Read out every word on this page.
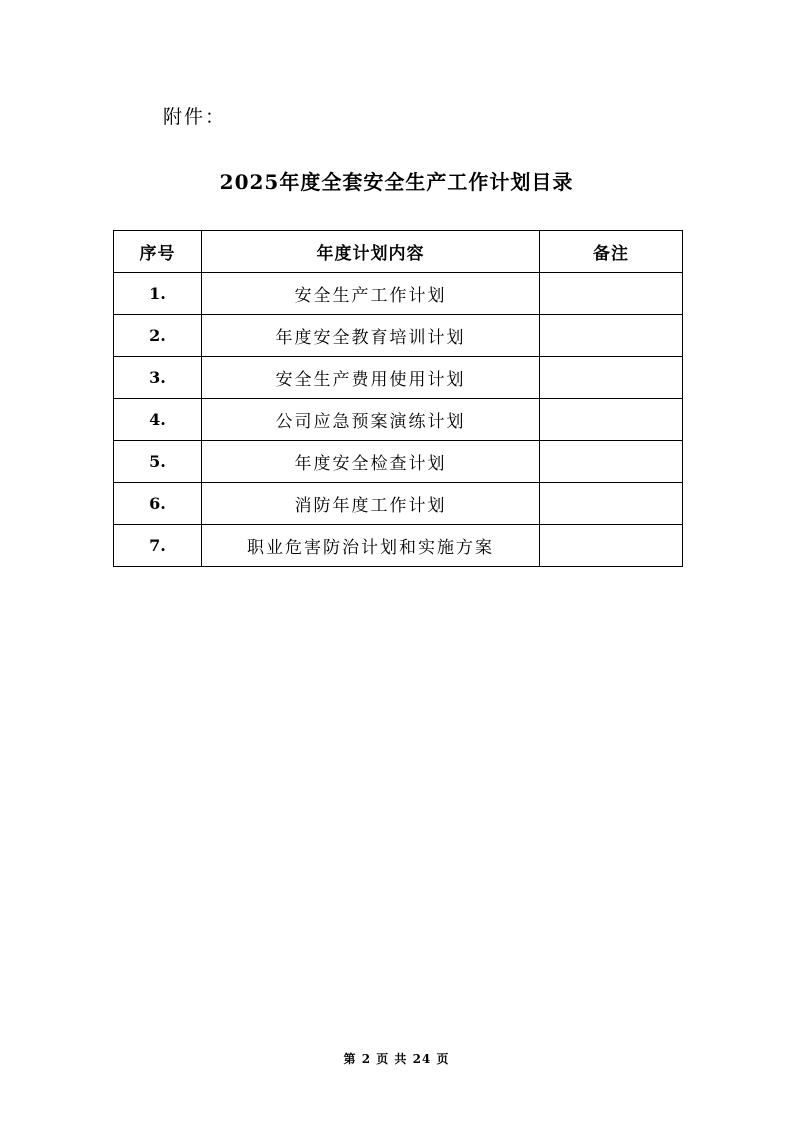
附件：
2025年度全套安全生产工作计划目录
序号	年度计划内容	备注
1.	安全生产工作计划	
2.	年度安全教育培训计划	
3.	安全生产费用使用计划	
4.	公司应急预案演练计划	
5.	年度安全检查计划	
6.	消防年度工作计划	
7.	职业危害防治计划和实施方案	
第 2 页 共 24 页
